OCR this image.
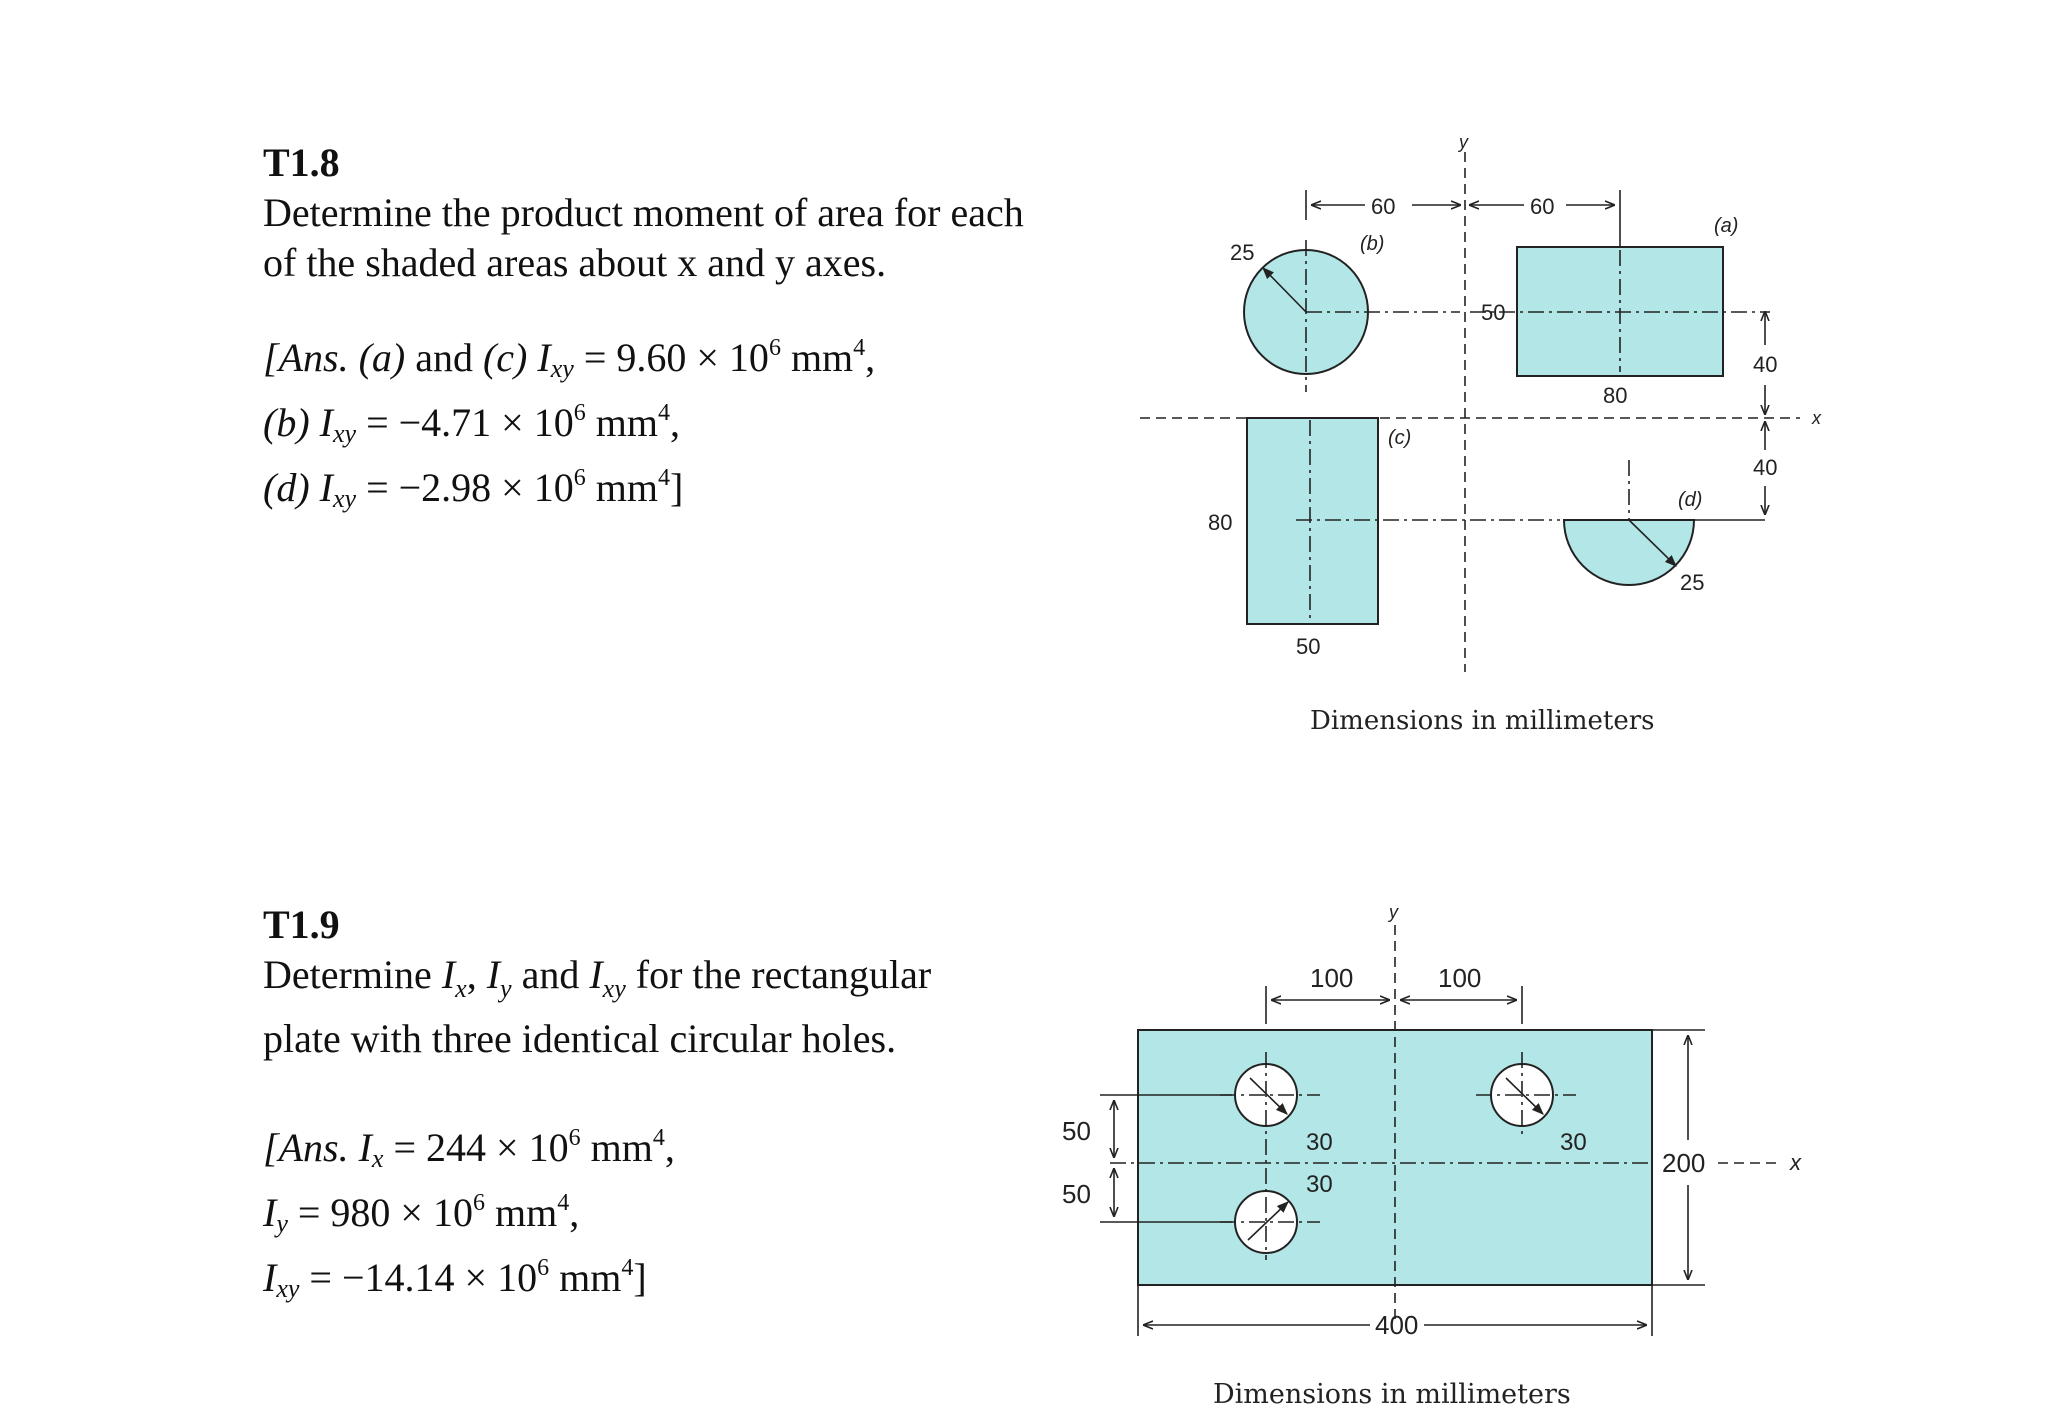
T1.8
Determine the product moment of area for each
of the shaded areas about x and y axes.
[Ans. (a) and (c) $I_{xy} = 9.60 \times 10^6$ $mm^4$,
(b) $I_{xy} = -4.71 \times 10^6$ $mm^4$,
(d) $I_{xy} = -2.98 \times 10^6$ $mm^4$]
T1.9
Determine $I_x$, $I_y$ and $I_{xy}$ for the rectangular
plate with three identical circular holes.
[Ans. $I_x = 244 \times 10^6$ $mm^4$,
$I_y = 980 \times 10^6$ $mm^4$,
$I_{xy} = -14.14 \times 10^6$ $mm^4$]
y
x
25	(b)
60	60
(a)
50
80
40
40
(c)
80
50
(d)
25
Dimensions in millimeters
30	30
30
y
x
100	100
50
50
200
400
Dimensions in millimeters
